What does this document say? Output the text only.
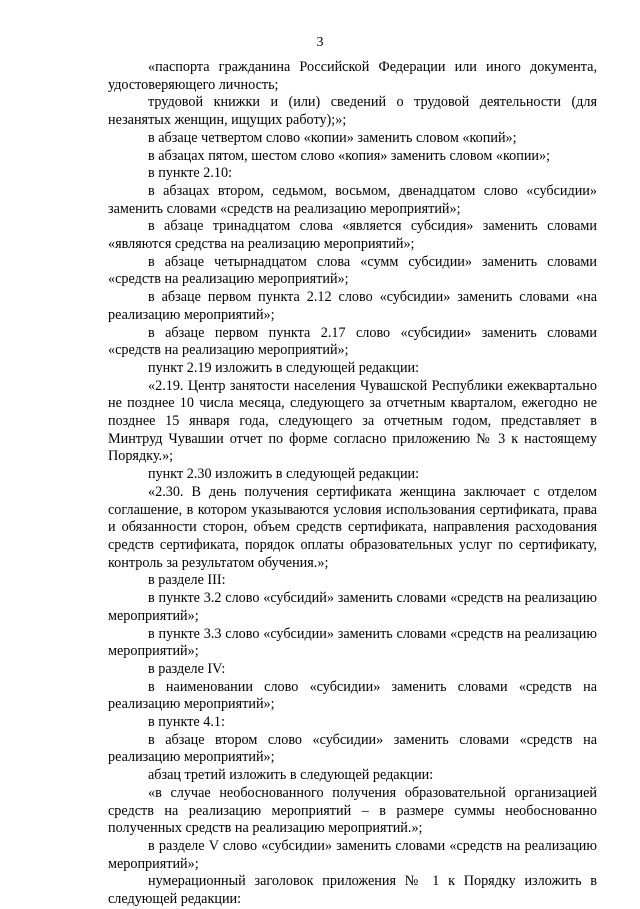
3

«паспорта гражданина Российской Федерации или иного документа, удостоверяющего личность;

трудовой книжки и (или) сведений о трудовой деятельности (для незанятых женщин, ищущих работу);»;

в абзаце четвертом слово «копии» заменить словом «копий»;

в абзацах пятом, шестом слово «копия» заменить словом «копии»;

в пункте 2.10:

в абзацах втором, седьмом, восьмом, двенадцатом слово «субсидии» заменить словами «средств на реализацию мероприятий»;

в абзаце тринадцатом слова «является субсидия» заменить словами «являются средства на реализацию мероприятий»;

в абзаце четырнадцатом слова «сумм субсидии» заменить словами «средств на реализацию мероприятий»;

в абзаце первом пункта 2.12 слово «субсидии» заменить словами «на реализацию мероприятий»;

в абзаце первом пункта 2.17 слово «субсидии» заменить словами «средств на реализацию мероприятий»;

пункт 2.19 изложить в следующей редакции:

«2.19. Центр занятости населения Чувашской Республики ежеквартально не позднее 10 числа месяца, следующего за отчетным кварталом, ежегодно не позднее 15 января года, следующего за отчетным годом, представляет в Минтруд Чувашии отчет по форме согласно приложению № 3 к настоящему Порядку.»;

пункт 2.30 изложить в следующей редакции:

«2.30. В день получения сертификата женщина заключает с отделом соглашение, в котором указываются условия использования сертификата, права и обязанности сторон, объем средств сертификата, направления расходования средств сертификата, порядок оплаты образовательных услуг по сертификату, контроль за результатом обучения.»;

в разделе III:

в пункте 3.2 слово «субсидий» заменить словами «средств на реализацию мероприятий»;

в пункте 3.3 слово «субсидии» заменить словами «средств на реализацию мероприятий»;

в разделе IV:

в наименовании слово «субсидии» заменить словами «средств на реализацию мероприятий»;

в пункте 4.1:

в абзаце втором слово «субсидии» заменить словами «средств на реализацию мероприятий»;

абзац третий изложить в следующей редакции:

«в случае необоснованного получения образовательной организацией средств на реализацию мероприятий – в размере суммы необоснованно полученных средств на реализацию мероприятий.»;

в разделе V слово «субсидии» заменить словами «средств на реализацию мероприятий»;

нумерационный заголовок приложения № 1 к Порядку изложить в следующей редакции:
